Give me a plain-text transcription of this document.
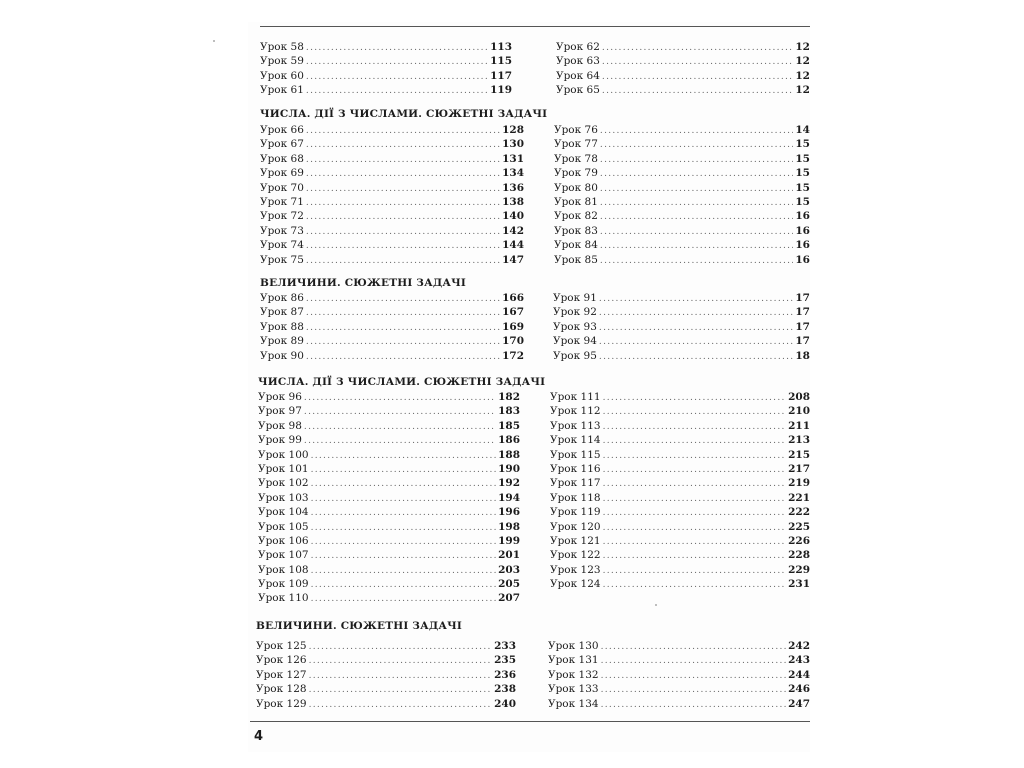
Урок 58 .....	113
Урок 59 .....	115
Урок 60 .....	117
Урок 61 .....	119
Урок 62 .....	12
Урок 63 .....	12
Урок 64 .....	12
Урок 65 .....	12
ЧИСЛА. ДІЇ З ЧИСЛАМИ. СЮЖЕТНІ ЗАДАЧІ
Урок 66 .....	128
Урок 67 .....	130
Урок 68 .....	131
Урок 69 .....	134
Урок 70 .....	136
Урок 71 .....	138
Урок 72 .....	140
Урок 73 .....	142
Урок 74 .....	144
Урок 75 .....	147
Урок 76 .....	14
Урок 77 .....	15
Урок 78 .....	15
Урок 79 .....	15
Урок 80 .....	15
Урок 81 .....	15
Урок 82 .....	16
Урок 83 .....	16
Урок 84 .....	16
Урок 85 .....	16
ВЕЛИЧИНИ. СЮЖЕТНІ ЗАДАЧІ
Урок 86 .....	166
Урок 87 .....	167
Урок 88 .....	169
Урок 89 .....	170
Урок 90 .....	172
Урок 91 .....	17
Урок 92 .....	17
Урок 93 .....	17
Урок 94 .....	17
Урок 95 .....	18
ЧИСЛА. ДІЇ З ЧИСЛАМИ. СЮЖЕТНІ ЗАДАЧІ
Урок 96 .....	182
Урок 97 .....	183
Урок 98 .....	185
Урок 99 .....	186
Урок 100 .....	188
Урок 101 .....	190
Урок 102 .....	192
Урок 103 .....	194
Урок 104 .....	196
Урок 105 .....	198
Урок 106 .....	199
Урок 107 .....	201
Урок 108 .....	203
Урок 109 .....	205
Урок 110 .....	207
Урок 111 .....	208
Урок 112 .....	210
Урок 113 .....	211
Урок 114 .....	213
Урок 115 .....	215
Урок 116 .....	217
Урок 117 .....	219
Урок 118 .....	221
Урок 119 .....	222
Урок 120 .....	225
Урок 121 .....	226
Урок 122 .....	228
Урок 123 .....	229
Урок 124 .....	231
ВЕЛИЧИНИ. СЮЖЕТНІ ЗАДАЧІ
Урок 125 .....	233
Урок 126 .....	235
Урок 127 .....	236
Урок 128 .....	238
Урок 129 .....	240
Урок 130 .....	242
Урок 131 .....	243
Урок 132 .....	244
Урок 133 .....	246
Урок 134 .....	247
4
